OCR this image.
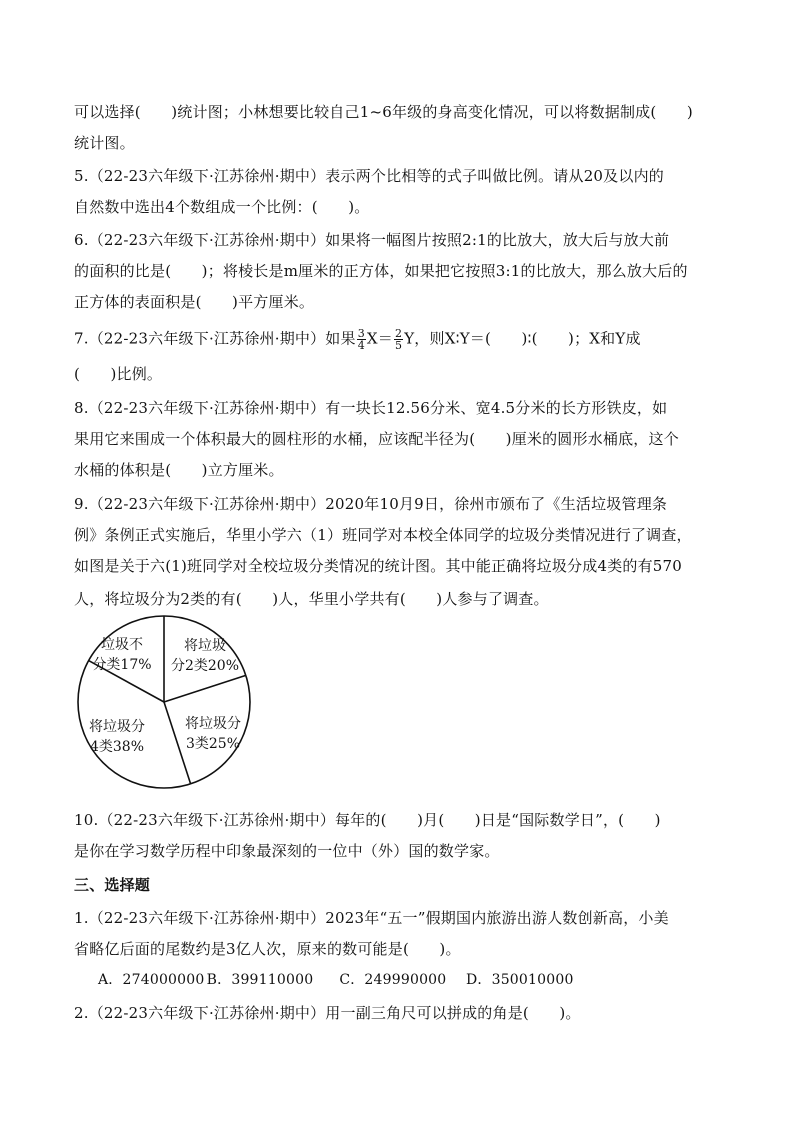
可以选择(　　)统计图；小林想要比较自己1~6年级的身高变化情况，可以将数据制成(　　)
统计图。
5.（22-23六年级下·江苏徐州·期中）表示两个比相等的式子叫做比例。请从20及以内的
自然数中选出4个数组成一个比例：(　　)。
6.（22-23六年级下·江苏徐州·期中）如果将一幅图片按照2:1的比放大，放大后与放大前
的面积的比是(　　)；将棱长是m厘米的正方体，如果把它按照3:1的比放大，那么放大后的
正方体的表面积是(　　)平方厘米。
7.（22-23六年级下·江苏徐州·期中）如果 $\frac{3}{4} X= \frac{2}{5}$ Y，则X∶Y＝(　　)∶(　　)；X和Y成
(　　)比例。
8.（22-23六年级下·江苏徐州·期中）有一块长12.56分米、宽4.5分米的长方形铁皮，如
果用它来围成一个体积最大的圆柱形的水桶，应该配半径为(　　)厘米的圆形水桶底，这个
水桶的体积是(　　)立方厘米。
9.（22-23六年级下·江苏徐州·期中）2020年10月9日，徐州市颁布了《生活垃圾管理条
例》条例正式实施后，华里小学六（1）班同学对本校全体同学的垃圾分类情况进行了调查，
如图是关于六(1)班同学对全校垃圾分类情况的统计图。其中能正确将垃圾分成4类的有570
人，将垃圾分为2类的有(　　)人，华里小学共有(　　)人参与了调查。
垃圾不
分类17%
将垃圾
分2类20%
将垃圾分
3类25%
将垃圾分
4类38%
10.（22-23六年级下·江苏徐州·期中）每年的(　　)月(　　)日是“国际数学日”，(　　)
是你在学习数学历程中印象最深刻的一位中（外）国的数学家。
三、选择题
1.（22-23六年级下·江苏徐州·期中）2023年“五一”假期国内旅游出游人数创新高，小美
省略亿后面的尾数约是3亿人次，原来的数可能是(　　)。
A．274000000 B．399110000 C．249990000 D．350010000
2.（22-23六年级下·江苏徐州·期中）用一副三角尺可以拼成的角是(　　)。
